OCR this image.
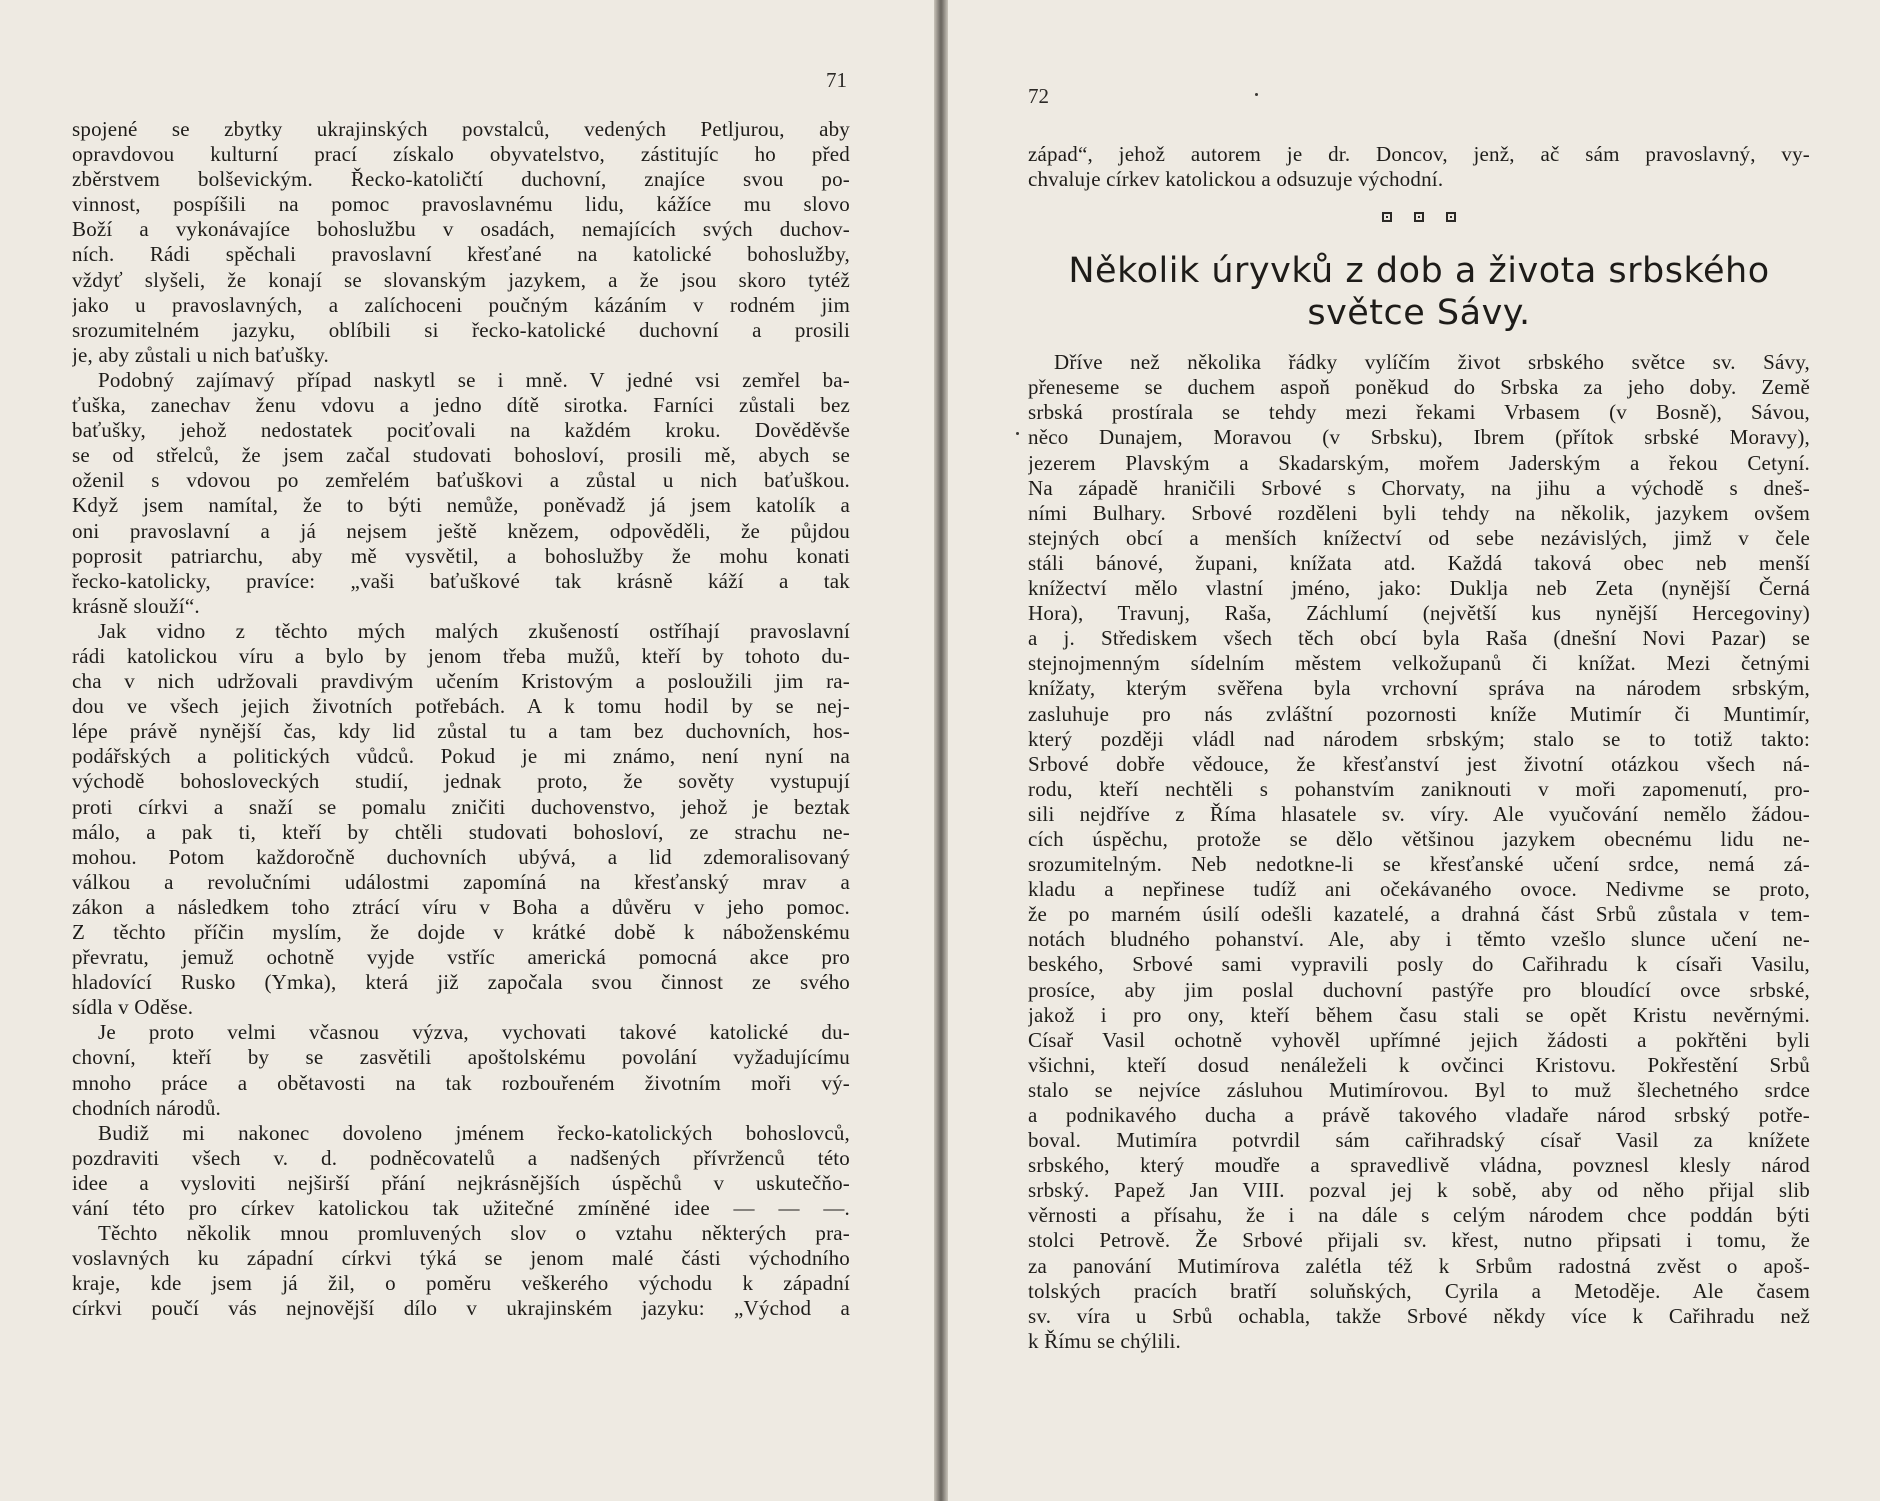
71
spojené se zbytky ukrajinských povstalců, vedených Petljurou, aby
opravdovou kulturní prací získalo obyvatelstvo, zástitujíc ho před
zběrstvem bolševickým. Řecko-katoličtí duchovní, znajíce svou po-
vinnost, pospíšili na pomoc pravoslavnému lidu, kážíce mu slovo
Boží a vykonávajíce bohoslužbu v osadách, nemajících svých duchov-
ních. Rádi spěchali pravoslavní křesťané na katolické bohoslužby,
vždyť slyšeli, že konají se slovanským jazykem, a že jsou skoro tytéž
jako u pravoslavných, a zalíchoceni poučným kázáním v rodném jim
srozumitelném jazyku, oblíbili si řecko-katolické duchovní a prosili
je, aby zůstali u nich baťušky.
Podobný zajímavý případ naskytl se i mně. V jedné vsi zemřel ba-
ťuška, zanechav ženu vdovu a jedno dítě sirotka. Farníci zůstali bez
baťušky, jehož nedostatek pociťovali na každém kroku. Dověděvše
se od střelců, že jsem začal studovati bohosloví, prosili mě, abych se
oženil s vdovou po zemřelém baťuškovi a zůstal u nich baťuškou.
Když jsem namítal, že to býti nemůže, poněvadž já jsem katolík a
oni pravoslavní a já nejsem ještě knězem, odpověděli, že půjdou
poprosit patriarchu, aby mě vysvětil, a bohoslužby že mohu konati
řecko-katolicky, pravíce: „vaši baťuškové tak krásně káží a tak
krásně slouží“.
Jak vidno z těchto mých malých zkušeností ostříhají pravoslavní
rádi katolickou víru a bylo by jenom třeba mužů, kteří by tohoto du-
cha v nich udržovali pravdivým učením Kristovým a posloužili jim ra-
dou ve všech jejich životních potřebách. A k tomu hodil by se nej-
lépe právě nynější čas, kdy lid zůstal tu a tam bez duchovních, hos-
podářských a politických vůdců. Pokud je mi známo, není nyní na
východě bohosloveckých studií, jednak proto, že sověty vystupují
proti církvi a snaží se pomalu zničiti duchovenstvo, jehož je beztak
málo, a pak ti, kteří by chtěli studovati bohosloví, ze strachu ne-
mohou. Potom každoročně duchovních ubývá, a lid zdemoralisovaný
válkou a revolučními událostmi zapomíná na křesťanský mrav a
zákon a následkem toho ztrácí víru v Boha a důvěru v jeho pomoc.
Z těchto příčin myslím, že dojde v krátké době k náboženskému
převratu, jemuž ochotně vyjde vstříc americká pomocná akce pro
hladovící Rusko (Ymka), která již započala svou činnost ze svého
sídla v Oděse.
Je proto velmi včasnou výzva, vychovati takové katolické du-
chovní, kteří by se zasvětili apoštolskému povolání vyžadujícímu
mnoho práce a obětavosti na tak rozbouřeném životním moři vý-
chodních národů.
Budiž mi nakonec dovoleno jménem řecko-katolických bohoslovců,
pozdraviti všech v. d. podněcovatelů a nadšených přívrženců této
idee a vysloviti nejširší přání nejkrásnějších úspěchů v uskutečňo-
vání této pro církev katolickou tak užitečné zmíněné idee — — —.
Těchto několik mnou promluvených slov o vztahu některých pra-
voslavných ku západní církvi týká se jenom malé části východního
kraje, kde jsem já žil, o poměru veškerého východu k západní
církvi poučí vás nejnovější dílo v ukrajinském jazyku: „Východ a
72
západ“, jehož autorem je dr. Doncov, jenž, ač sám pravoslavný, vy-
chvaluje církev katolickou a odsuzuje východní.
Několik úryvků z dob a života srbského
světce Sávy.
Dříve než několika řádky vylíčím život srbského světce sv. Sávy,
přeneseme se duchem aspoň poněkud do Srbska za jeho doby. Země
srbská prostírala se tehdy mezi řekami Vrbasem (v Bosně), Sávou,
něco Dunajem, Moravou (v Srbsku), Ibrem (přítok srbské Moravy),
jezerem Plavským a Skadarským, mořem Jaderským a řekou Cetyní.
Na západě hraničili Srbové s Chorvaty, na jihu a východě s dneš-
ními Bulhary. Srbové rozděleni byli tehdy na několik, jazykem ovšem
stejných obcí a menších knížectví od sebe nezávislých, jimž v čele
stáli bánové, župani, knížata atd. Každá taková obec neb menší
knížectví mělo vlastní jméno, jako: Duklja neb Zeta (nynější Černá
Hora), Travunj, Raša, Záchlumí (největší kus nynější Hercegoviny)
a j. Střediskem všech těch obcí byla Raša (dnešní Novi Pazar) se
stejnojmenným sídelním městem velkožupanů či knížat. Mezi četnými
knížaty, kterým svěřena byla vrchovní správa na národem srbským,
zasluhuje pro nás zvláštní pozornosti kníže Mutimír či Muntimír,
který později vládl nad národem srbským; stalo se to totiž takto:
Srbové dobře vědouce, že křesťanství jest životní otázkou všech ná-
rodu, kteří nechtěli s pohanstvím zaniknouti v moři zapomenutí, pro-
sili nejdříve z Říma hlasatele sv. víry. Ale vyučování nemělo žádou-
cích úspěchu, protože se dělo většinou jazykem obecnému lidu ne-
srozumitelným. Neb nedotkne-li se křesťanské učení srdce, nemá zá-
kladu a nepřinese tudíž ani očekávaného ovoce. Nedivme se proto,
že po marném úsilí odešli kazatelé, a drahná část Srbů zůstala v tem-
notách bludného pohanství. Ale, aby i těmto vzešlo slunce učení ne-
beského, Srbové sami vypravili posly do Cařihradu k císaři Vasilu,
prosíce, aby jim poslal duchovní pastýře pro bloudící ovce srbské,
jakož i pro ony, kteří během času stali se opět Kristu nevěrnými.
Císař Vasil ochotně vyhověl upřímné jejich žádosti a pokřtěni byli
všichni, kteří dosud nenáleželi k ovčinci Kristovu. Pokřestění Srbů
stalo se nejvíce zásluhou Mutimírovou. Byl to muž šlechetného srdce
a podnikavého ducha a právě takového vladaře národ srbský potře-
boval. Mutimíra potvrdil sám cařihradský císař Vasil za knížete
srbského, který moudře a spravedlivě vládna, povznesl klesly národ
srbský. Papež Jan VIII. pozval jej k sobě, aby od něho přijal slib
věrnosti a přísahu, že i na dále s celým národem chce poddán býti
stolci Petrově. Že Srbové přijali sv. křest, nutno připsati i tomu, že
za panování Mutimírova zalétla též k Srbům radostná zvěst o apoš-
tolských pracích bratří soluňských, Cyrila a Metoděje. Ale časem
sv. víra u Srbů ochabla, takže Srbové někdy více k Cařihradu než
k Římu se chýlili.
